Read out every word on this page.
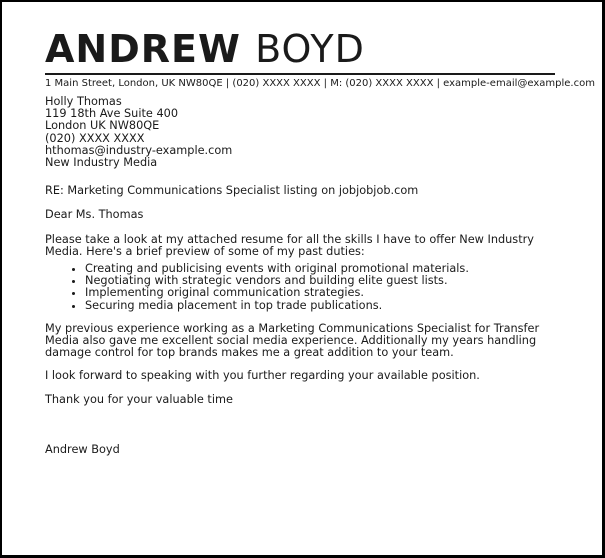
ANDREW BOYD
1 Main Street, London, UK NW80QE | (020) XXXX XXXX | M: (020) XXXX XXXX | example-email@example.com

Holly Thomas

119 18th Ave Suite 400

London UK NW80QE

(020) XXXX XXXX

hthomas@industry-example.com

New Industry Media

RE: Marketing Communications Specialist listing on jobjobjob.com
Dear Ms. Thomas
Please take a look at my attached resume for all the skills I have to offer New Industry Media. Here's a brief preview of some of my past duties:
• Creating and publicising events with original promotional materials.
• Negotiating with strategic vendors and building elite guest lists.
• Implementing original communication strategies.
• Securing media placement in top trade publications.
My previous experience working as a Marketing Communications Specialist for Transfer Media also gave me excellent social media experience. Additionally my years handling damage control for top brands makes me a great addition to your team.
I look forward to speaking with you further regarding your available position.
Thank you for your valuable time
Andrew Boyd
